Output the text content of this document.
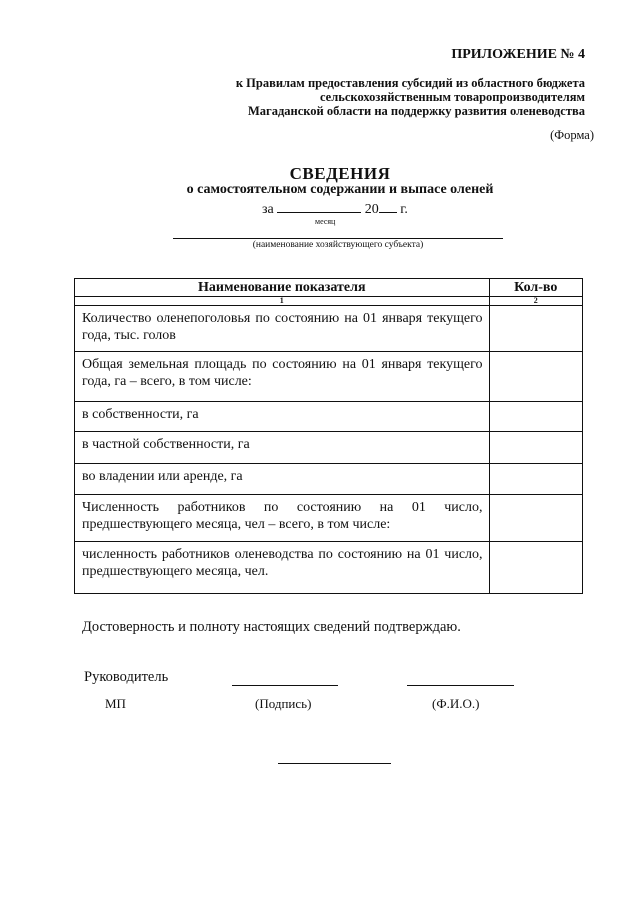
ПРИЛОЖЕНИЕ № 4
к Правилам предоставления субсидий из областного бюджета
сельскохозяйственным товаропроизводителям
Магаданской области на поддержку развития оленеводства
(Форма)
СВЕДЕНИЯ
о самостоятельном содержании и выпасе оленей
за	20 г.
месяц
(наименование хозяйствующего субъекта)
Наименование показателя	Кол-во
1	2
Количество оленепоголовья по состоянию на 01 января текущего года, тыс. голов	
Общая земельная площадь по состоянию на 01 января текущего года, га – всего, в том числе:	
в собственности, га	
в частной собственности, га	
во владении или аренде, га	
Численность работников по состоянию на 01 число, предшествующего месяца, чел – всего, в том числе:	
численность работников оленеводства по состоянию на 01 число, предшествующего месяца, чел.	
Достоверность и полноту настоящих сведений подтверждаю.
Руководитель
МП	(Подпись)	(Ф.И.О.)
